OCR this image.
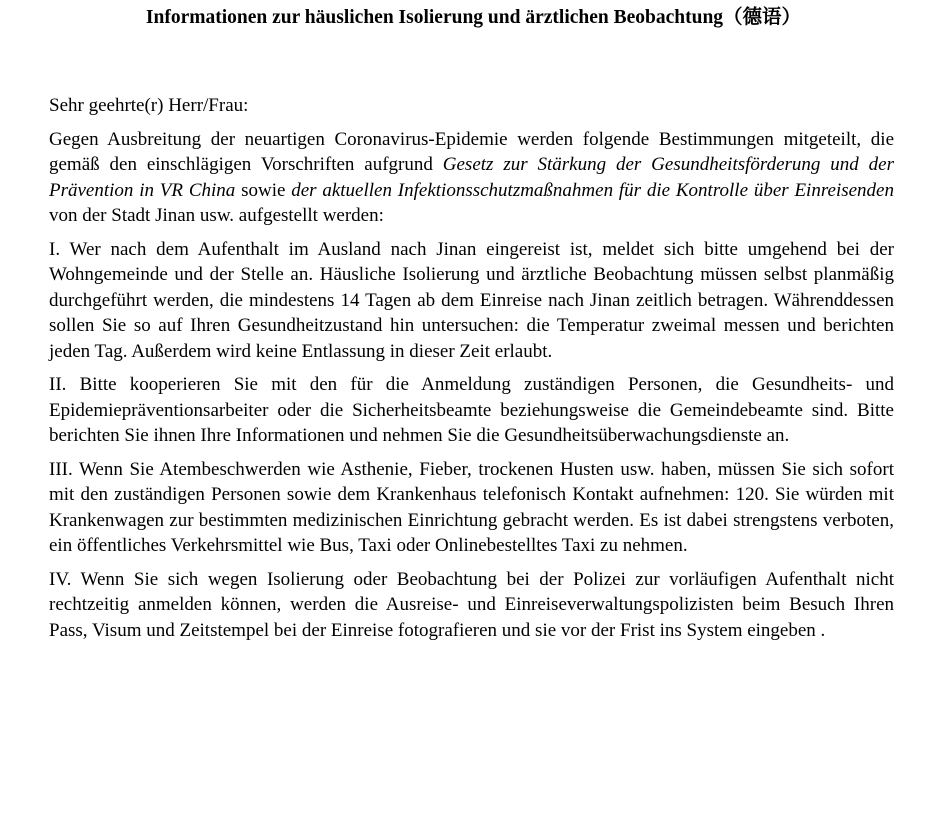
Informationen zur häuslichen Isolierung und ärztlichen Beobachtung（德语）

Sehr geehrte(r) Herr/Frau:

Gegen Ausbreitung der neuartigen Coronavirus-Epidemie werden folgende Bestimmungen mitgeteilt, die gemäß den einschlägigen Vorschriften aufgrund Gesetz zur Stärkung der Gesundheitsförderung und der Prävention in VR China sowie der aktuellen Infektionsschutzmaßnahmen für die Kontrolle über Einreisenden von der Stadt Jinan usw. aufgestellt werden:

I. Wer nach dem Aufenthalt im Ausland nach Jinan eingereist ist, meldet sich bitte umgehend bei der Wohngemeinde und der Stelle an. Häusliche Isolierung und ärztliche Beobachtung müssen selbst planmäßig durchgeführt werden, die mindestens 14 Tagen ab dem Einreise nach Jinan zeitlich betragen. Währenddessen sollen Sie so auf Ihren Gesundheitzustand hin untersuchen: die Temperatur zweimal messen und berichten jeden Tag. Außerdem wird keine Entlassung in dieser Zeit erlaubt.

II. Bitte kooperieren Sie mit den für die Anmeldung zuständigen Personen, die Gesundheits- und Epidemiepräventionsarbeiter oder die Sicherheitsbeamte beziehungsweise die Gemeindebeamte sind. Bitte berichten Sie ihnen Ihre Informationen und nehmen Sie die Gesundheitsüberwachungsdienste an.

III. Wenn Sie Atembeschwerden wie Asthenie, Fieber, trockenen Husten usw. haben, müssen Sie sich sofort mit den zuständigen Personen sowie dem Krankenhaus telefonisch Kontakt aufnehmen: 120. Sie würden mit Krankenwagen zur bestimmten medizinischen Einrichtung gebracht werden. Es ist dabei strengstens verboten, ein öffentliches Verkehrsmittel wie Bus, Taxi oder Onlinebestelltes Taxi zu nehmen.

IV. Wenn Sie sich wegen Isolierung oder Beobachtung bei der Polizei zur vorläufigen Aufenthalt nicht rechtzeitig anmelden können, werden die Ausreise- und Einreiseverwaltungspolizisten beim Besuch Ihren Pass, Visum und Zeitstempel bei der Einreise fotografieren und sie vor der Frist ins System eingeben .
